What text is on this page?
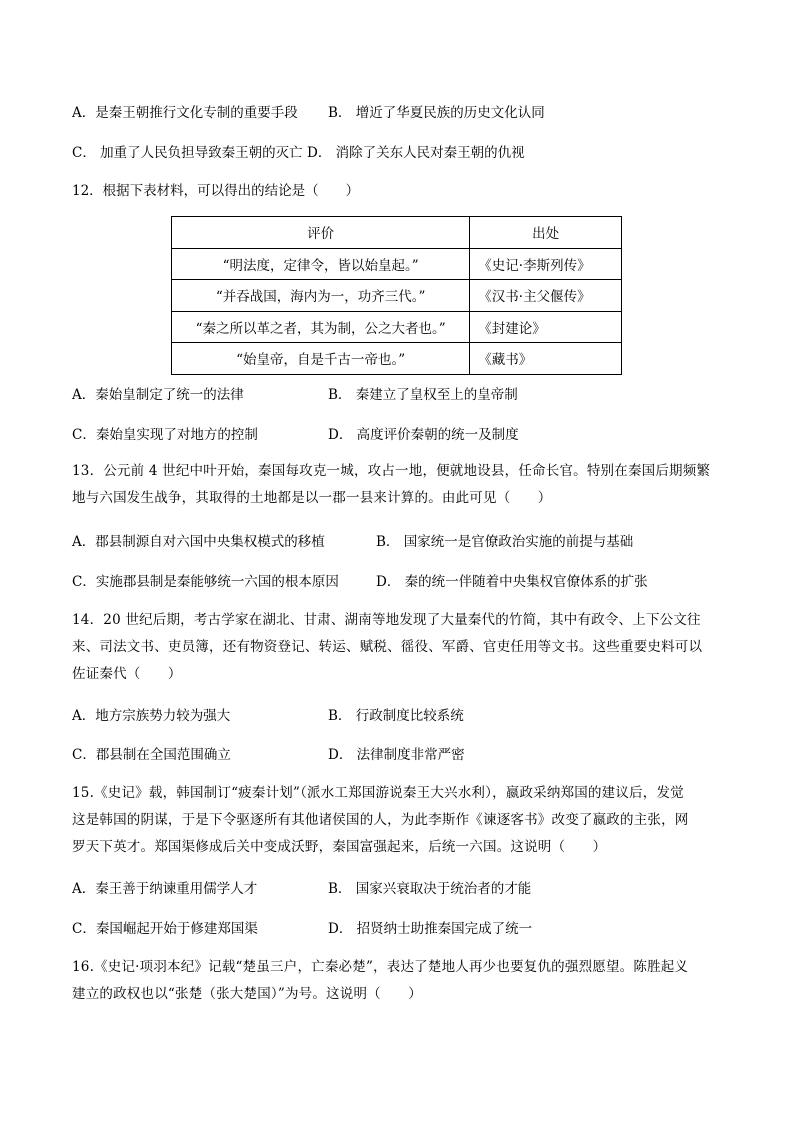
A．是秦王朝推行文化专制的重要手段 B． 增近了华夏民族的历史文化认同
C． 加重了人民负担导致秦王朝的灭亡 D． 消除了关东人民对秦王朝的仇视
12．根据下表材料，可以得出的结论是（　　）
评价	出处
“明法度，定律令，皆以始皇起。”	《史记·李斯列传》
“并吞战国，海内为一，功齐三代。”	《汉书·主父偃传》
“秦之所以革之者，其为制，公之大者也。”	《封建论》
“始皇帝，自是千古一帝也。”	《藏书》
A．秦始皇制定了统一的法律	B． 秦建立了皇权至上的皇帝制
C．秦始皇实现了对地方的控制	D． 高度评价秦朝的统一及制度
13．公元前 4 世纪中叶开始，秦国每攻克一城，攻占一地，便就地设县，任命长官。特别在秦国后期频繁
地与六国发生战争，其取得的土地都是以一郡一县来计算的。由此可见（　　）
A．郡县制源自对六国中央集权模式的移植	B． 国家统一是官僚政治实施的前提与基础
C．实施郡县制是秦能够统一六国的根本原因	D． 秦的统一伴随着中央集权官僚体系的扩张
14．20 世纪后期，考古学家在湖北、甘肃、湖南等地发现了大量秦代的竹简，其中有政令、上下公文往
来、司法文书、吏员簿，还有物资登记、转运、赋税、徭役、军爵、官吏任用等文书。这些重要史料可以
佐证秦代（　　）
A．地方宗族势力较为强大	B． 行政制度比较系统
C．郡县制在全国范围确立	D． 法律制度非常严密
15.《史记》载，韩国制订“疲秦计划”（派水工郑国游说秦王大兴水利），嬴政采纳郑国的建议后，发觉
这是韩国的阴谋，于是下令驱逐所有其他诸侯国的人，为此李斯作《谏逐客书》改变了嬴政的主张，网
罗天下英才。郑国渠修成后关中变成沃野，秦国富强起来，后统一六国。这说明（　　）
A．秦王善于纳谏重用儒学人才	B． 国家兴衰取决于统治者的才能
C．秦国崛起开始于修建郑国渠	D． 招贤纳士助推秦国完成了统一
16.《史记·项羽本纪》记载“楚虽三户，亡秦必楚”，表达了楚地人再少也要复仇的强烈愿望。陈胜起义
建立的政权也以“张楚（张大楚国）”为号。这说明（　　）
